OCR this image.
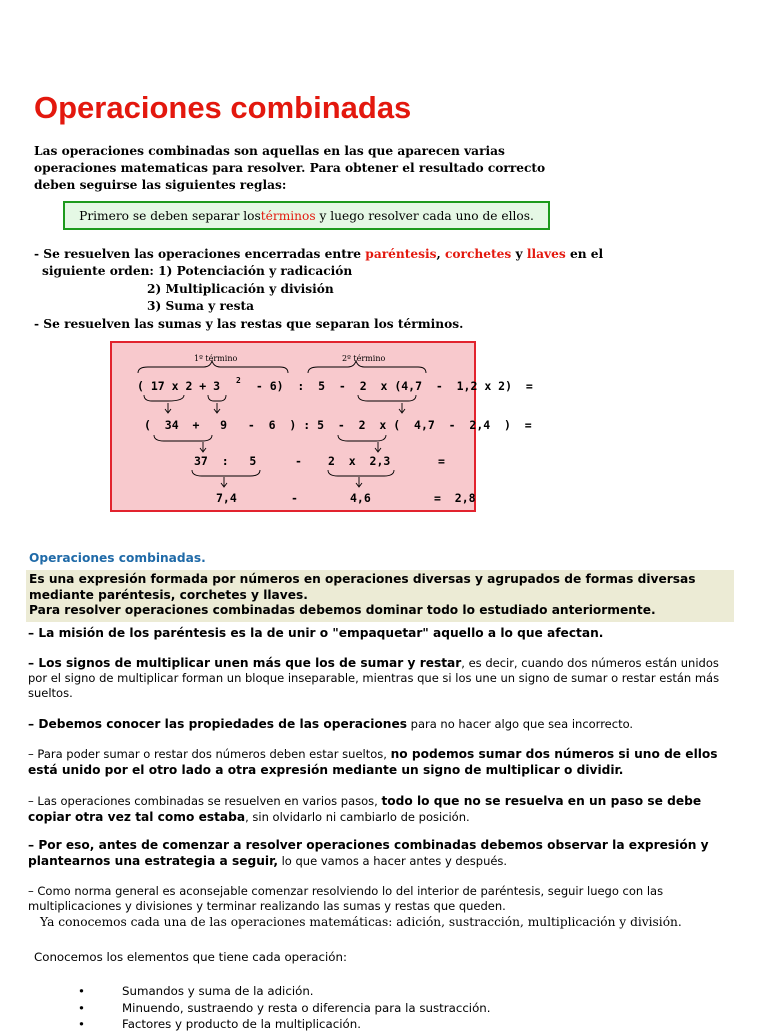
Operaciones combinadas
Las operaciones combinadas son aquellas en las que aparecen varias operaciones matematicas para resolver. Para obtener el resultado correcto deben seguirse las siguientes reglas:
Primero se deben separar los términos y luego resolver cada uno de ellos.
- Se resuelven las operaciones encerradas entre paréntesis, corchetes y llaves en el
siguiente orden: 1) Potenciación y radicación
2) Multiplicación y división
3) Suma y resta
- Se resuelven las sumas y las restas que separan los términos.
1º término	2º término
( 17 x 2 + 3 2 - 6)  :  5  -  2  x (4,7  -  1,2 x 2)  =
(  34  +   9   -  6  ) : 5  -  2  x (  4,7  -  2,4  )  =
37  :   5	- 2  x  2,3	=
7,4	-	4,6	=  2,8
Operaciones combinadas.
Es una expresión formada por números en operaciones diversas y agrupados de formas diversas mediante paréntesis, corchetes y llaves.
Para resolver operaciones combinadas debemos dominar todo lo estudiado anteriormente.
– La misión de los paréntesis es la de unir o "empaquetar" aquello a lo que afectan.
– Los signos de multiplicar unen más que los de sumar y restar, es decir, cuando dos números están unidos por el signo de multiplicar forman un bloque inseparable, mientras que si los une un signo de sumar o restar están más sueltos.
– Debemos conocer las propiedades de las operaciones para no hacer algo que sea incorrecto.
– Para poder sumar o restar dos números deben estar sueltos, no podemos sumar dos números si uno de ellos está unido por el otro lado a otra expresión mediante un signo de multiplicar o dividir.
– Las operaciones combinadas se resuelven en varios pasos, todo lo que no se resuelva en un paso se debe copiar otra vez tal como estaba, sin olvidarlo ni cambiarlo de posición.
– Por eso, antes de comenzar a resolver operaciones combinadas debemos observar la expresión y plantearnos una estrategia a seguir, lo que vamos a hacer antes y después.
– Como norma general es aconsejable comenzar resolviendo lo del interior de paréntesis, seguir luego con las multiplicaciones y divisiones y terminar realizando las sumas y restas que queden.
Ya conocemos cada una de las operaciones matemáticas: adición, sustracción, multiplicación y división.
Conocemos los elementos que tiene cada operación:
•	Sumandos y suma de la adición.
•	Minuendo, sustraendo y resta o diferencia para la sustracción.
•	Factores y producto de la multiplicación.
